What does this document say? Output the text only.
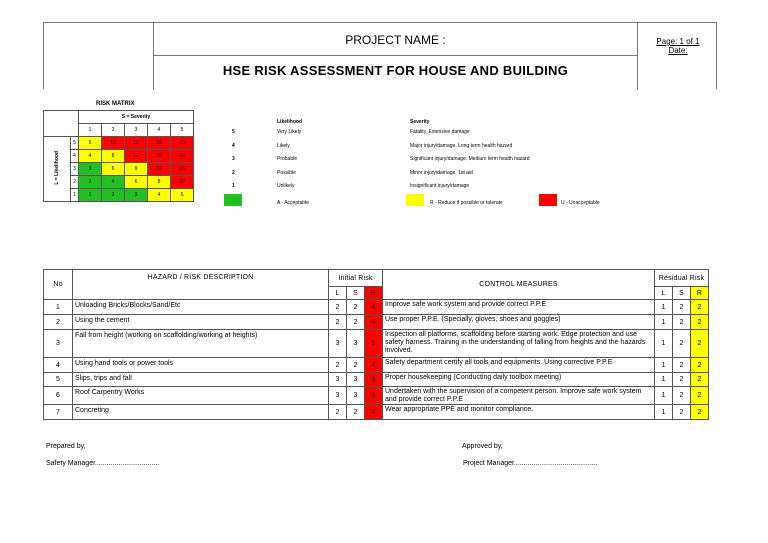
PROJECT NAME :
HSE RISK ASSESSMENT FOR HOUSE AND BUILDING
Page: 1 of 1
Date:
RISK MATRIX
		S = Severity				
		1	2	3	4	5
L = Likelihood	5	5	10	15	20	25
	4	4	8	12	16	20
	3	3	6	9	12	15
	2	2	4	6	8	10
	1	1	2	3	4	5
Likelihood	Severity
5	Very Likely	Fatality, Extensive damage
4	Likely	Major injury/damage, Long term health hazard
3	Probable	Significant injury/damage, Medium term health hazard
2	Possible	Minor injury/damage, 1st aid
1	Unlikely	Insignificant injury/damage
A - Acceptable	R - Reduce if possible or tolerate	U - Unacceptable
No	HAZARD / RISK DESCRIPTION	Initial Risk			CONTROL MEASURES	Residual Risk		
		L	S	R		L	S	R
1	Unloading Bricks/Blocks/Sand/Etc	2	2	4	Improve safe work system and provide correct P.P.E	1	2	2
2	Using the cement	2	2	4	Use proper P.P.E. (Specially, gloves, shoes and goggles)	1	2	2
3	Fall from height (working on scaffolding/working at heights)	3	3	9	Inspection all platforms, scaffolding before starting work. Edge protection and use safety harness. Training in the understanding of falling from heights and the hazards involved.	1	2	2
4	Using hand tools or power tools	2	2	4	Safety department certify all tools and equipments. Using corrective P.P.E	1	2	2
5	Slips, trips and fall	3	3	9	Proper housekeeping (Conducting daily toolbox meeting)	1	2	2
6	Roof Carpentry Works	3	3	9	Undertaken with the supervision of a competent person. Improve safe work system and provide correct P.P.E	1	2	2
7	Concreting	2	2	4	Wear appropriate PPE and monitor compliance.	1	2	2
Prepared by,
Safety Manager.................................
Approved by,
Project Manager...........................................
